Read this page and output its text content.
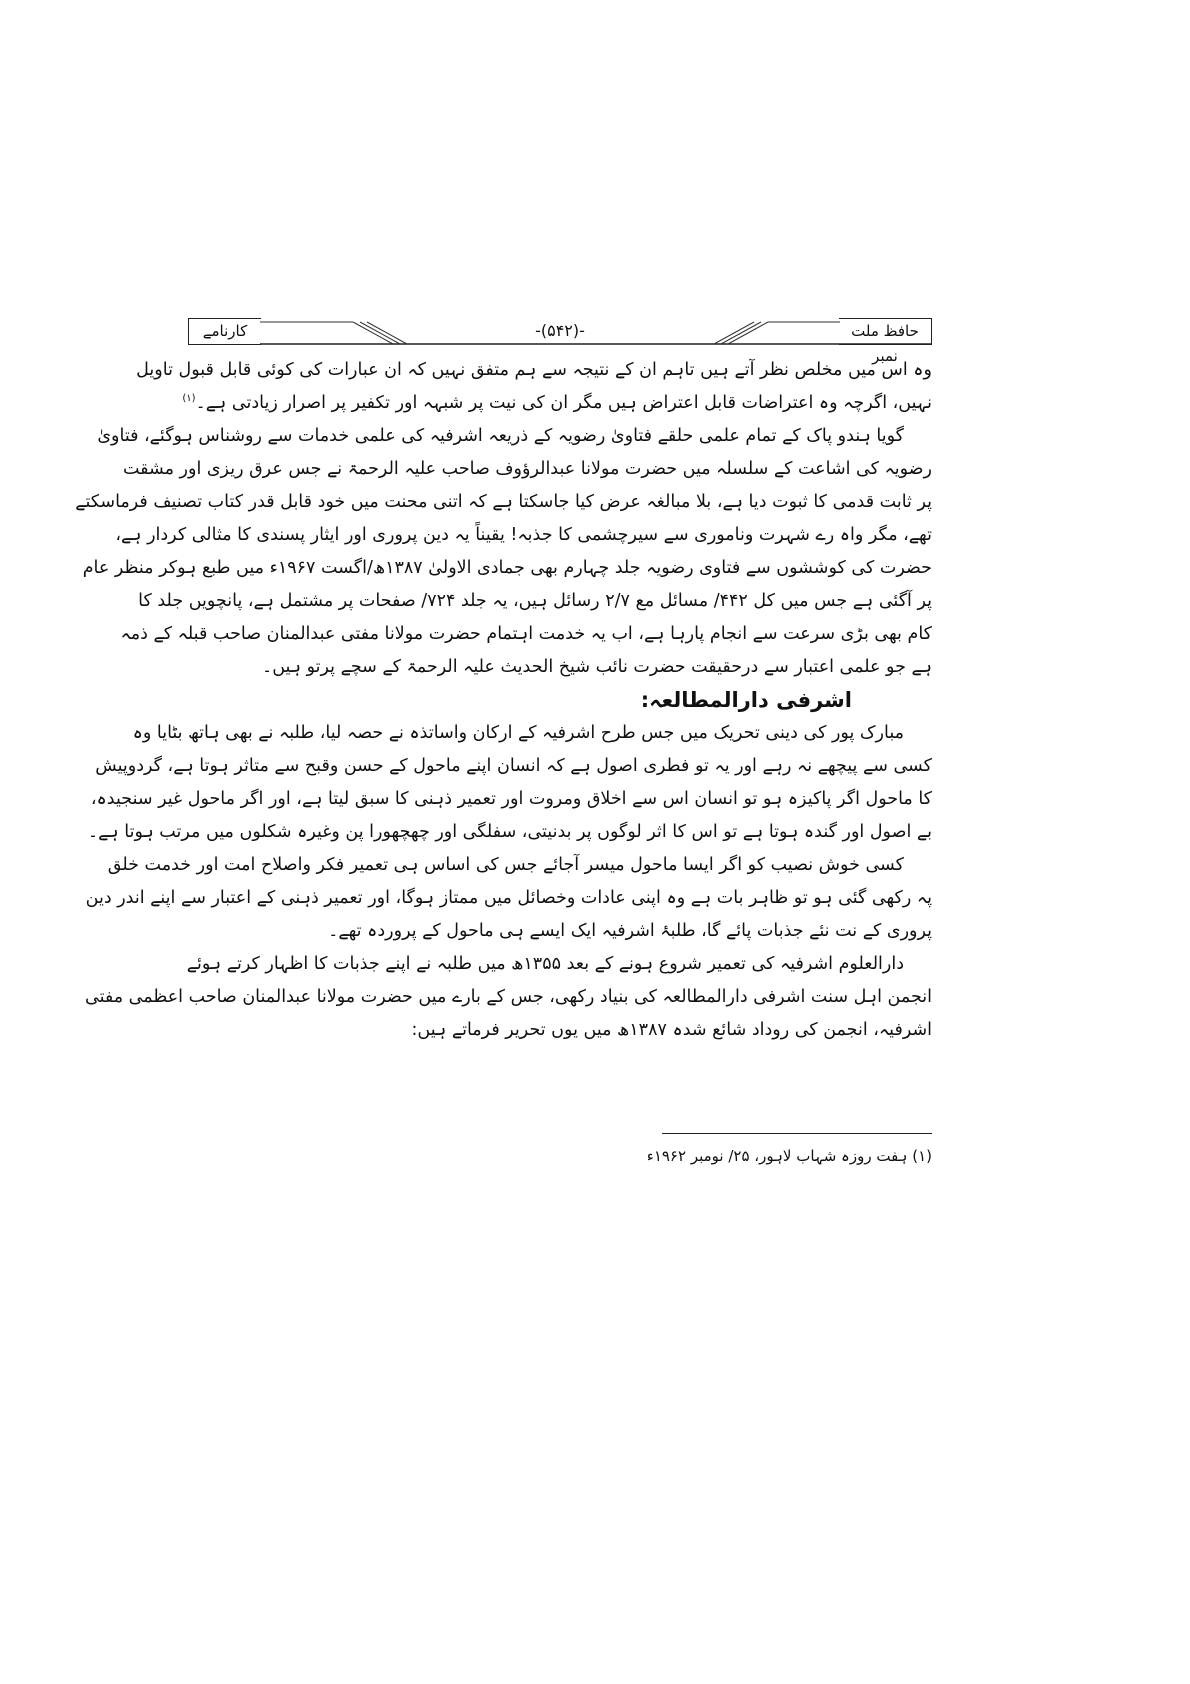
کارنامے	-(۵۴۲)-	حافظ ملت نمبر
وہ اس میں مخلص نظر آتے ہیں تاہم ان کے نتیجہ سے ہم متفق نہیں کہ ان عبارات کی کوئی قابل قبول تاویل
نہیں، اگرچہ وہ اعتراضات قابل اعتراض ہیں مگر ان کی نیت پر شبہہ اور تکفیر پر اصرار زیادتی ہے۔$^{(۱)}$
گویا ہندو پاک کے تمام علمی حلقے فتاویٰ رضویہ کے ذریعہ اشرفیہ کی علمی خدمات سے روشناس ہوگئے، فتاویٰ
رضویہ کی اشاعت کے سلسلہ میں حضرت مولانا عبدالرؤوف صاحب علیہ الرحمۃ نے جس عرق ریزی اور مشقت
پر ثابت قدمی کا ثبوت دیا ہے، بلا مبالغہ عرض کیا جاسکتا ہے کہ اتنی محنت میں خود قابل قدر کتاب تصنیف فرماسکتے
تھے، مگر واہ رے شہرت وناموری سے سیرچشمی کا جذبہ! یقیناً یہ دین پروری اور ایثار پسندی کا مثالی کردار ہے،
حضرت کی کوششوں سے فتاوی رضویہ جلد چہارم بھی جمادی الاولیٰ ۱۳۸۷ھ/اگست ۱۹۶۷ء میں طبع ہوکر منظر عام
پر آگئی ہے جس میں کل ۴۴۲/ مسائل مع ۲/۷ رسائل ہیں، یہ جلد ۷۲۴/ صفحات پر مشتمل ہے، پانچویں جلد کا
کام بھی بڑی سرعت سے انجام پارہا ہے، اب یہ خدمت اہتمام حضرت مولانا مفتی عبدالمنان صاحب قبلہ کے ذمہ
ہے جو علمی اعتبار سے درحقیقت حضرت نائب شیخ الحدیث علیہ الرحمۃ کے سچے پرتو ہیں۔
اشرفی دارالمطالعہ:
مبارک پور کی دینی تحریک میں جس طرح اشرفیہ کے ارکان واساتذہ نے حصہ لیا، طلبہ نے بھی ہاتھ بٹایا وہ
کسی سے پیچھے نہ رہے اور یہ تو فطری اصول ہے کہ انسان اپنے ماحول کے حسن وقبح سے متاثر ہوتا ہے، گردوپیش
کا ماحول اگر پاکیزہ ہو تو انسان اس سے اخلاق ومروت اور تعمیر ذہنی کا سبق لیتا ہے، اور اگر ماحول غیر سنجیدہ،
بے اصول اور گندہ ہوتا ہے تو اس کا اثر لوگوں پر بدنیتی، سفلگی اور چھچھورا پن وغیرہ شکلوں میں مرتب ہوتا ہے۔
کسی خوش نصیب کو اگر ایسا ماحول میسر آجائے جس کی اساس ہی تعمیر فکر واصلاح امت اور خدمت خلق
پہ رکھی گئی ہو تو ظاہر بات ہے وہ اپنی عادات وخصائل میں ممتاز ہوگا، اور تعمیر ذہنی کے اعتبار سے اپنے اندر دین
پروری کے نت نئے جذبات پائے گا، طلبۂ اشرفیہ ایک ایسے ہی ماحول کے پروردہ تھے۔
دارالعلوم اشرفیہ کی تعمیر شروع ہونے کے بعد ۱۳۵۵ھ میں طلبہ نے اپنے جذبات کا اظہار کرتے ہوئے
انجمن اہل سنت اشرفی دارالمطالعہ کی بنیاد رکھی، جس کے بارے میں حضرت مولانا عبدالمنان صاحب اعظمی مفتی
اشرفیہ، انجمن کی روداد شائع شدہ ۱۳۸۷ھ میں یوں تحریر فرماتے ہیں:
(۱) ہفت روزہ شہاب لاہور، ۲۵/ نومبر ۱۹۶۲ء
